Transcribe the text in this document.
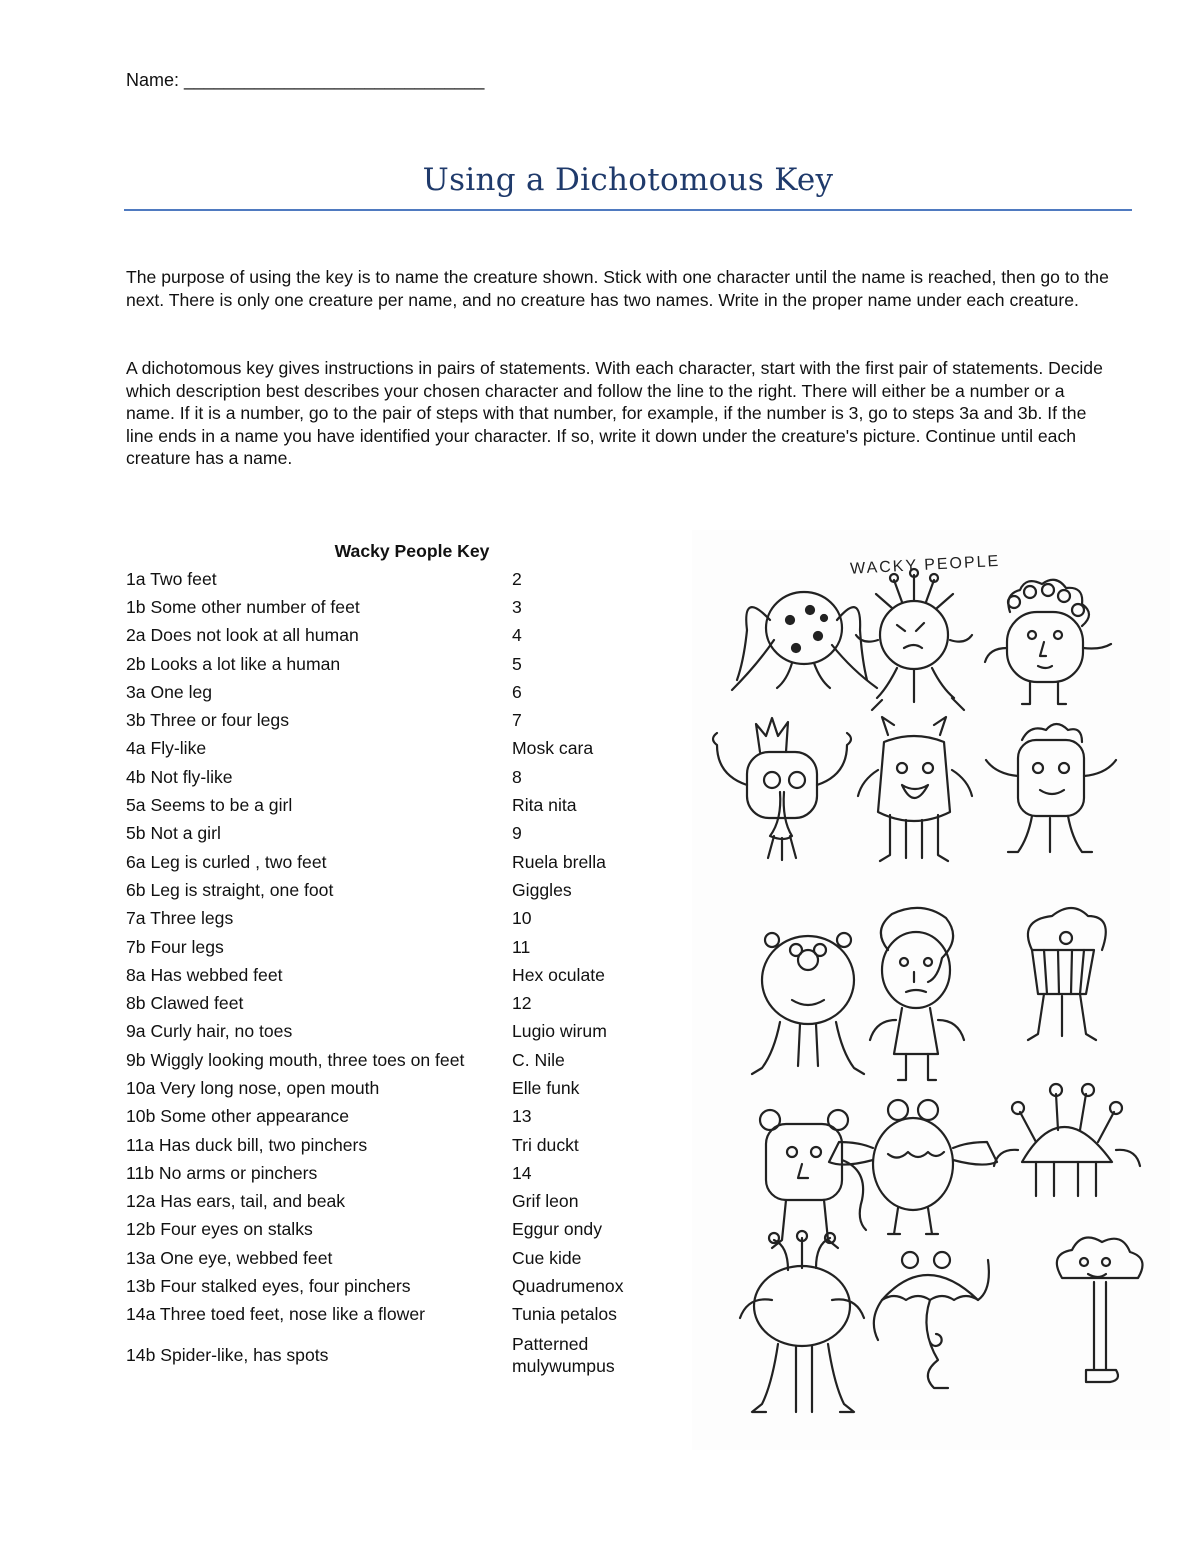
Name: ______________________________
Using a Dichotomous Key

The purpose of using the key is to name the creature shown. Stick with one character until the name is reached, then go to the next. There is only one creature per name, and no creature has two names. Write in the proper name under each creature.

A dichotomous key gives instructions in pairs of statements. With each character, start with the first pair of statements. Decide which description best describes your chosen character and follow the line to the right. There will either be a number or a name. If it is a number, go to the pair of steps with that number, for example, if the number is 3, go to steps 3a and 3b. If the line ends in a name you have identified your character. If so, write it down under the creature's picture. Continue until each creature has a name.

Wacky People Key
1a Two feet	2
1b Some other number of feet	3
2a Does not look at all human	4
2b Looks a lot like a human	5
3a One leg	6
3b Three or four legs	7
4a Fly-like	Mosk cara
4b Not fly-like	8
5a Seems to be a girl	Rita nita
5b Not a girl	9
6a Leg is curled , two feet	Ruela brella
6b Leg is straight, one foot	Giggles
7a Three legs	10
7b Four legs	11
8a Has webbed feet	Hex oculate
8b Clawed feet	12
9a Curly hair, no toes	Lugio wirum
9b Wiggly looking mouth, three toes on feet	C. Nile
10a Very long nose, open mouth	Elle funk
10b Some other appearance	13
11a Has duck bill, two pinchers	Tri duckt
11b No arms or pinchers	14
12a Has ears, tail, and beak	Grif leon
12b Four eyes on stalks	Eggur ondy
13a One eye, webbed feet	Cue kide
13b Four stalked eyes, four pinchers	Quadrumenox
14a Three toed feet, nose like a flower	Tunia petalos
14b Spider-like, has spots	Patterned
mulywumpus
WACKY PEOPLE
